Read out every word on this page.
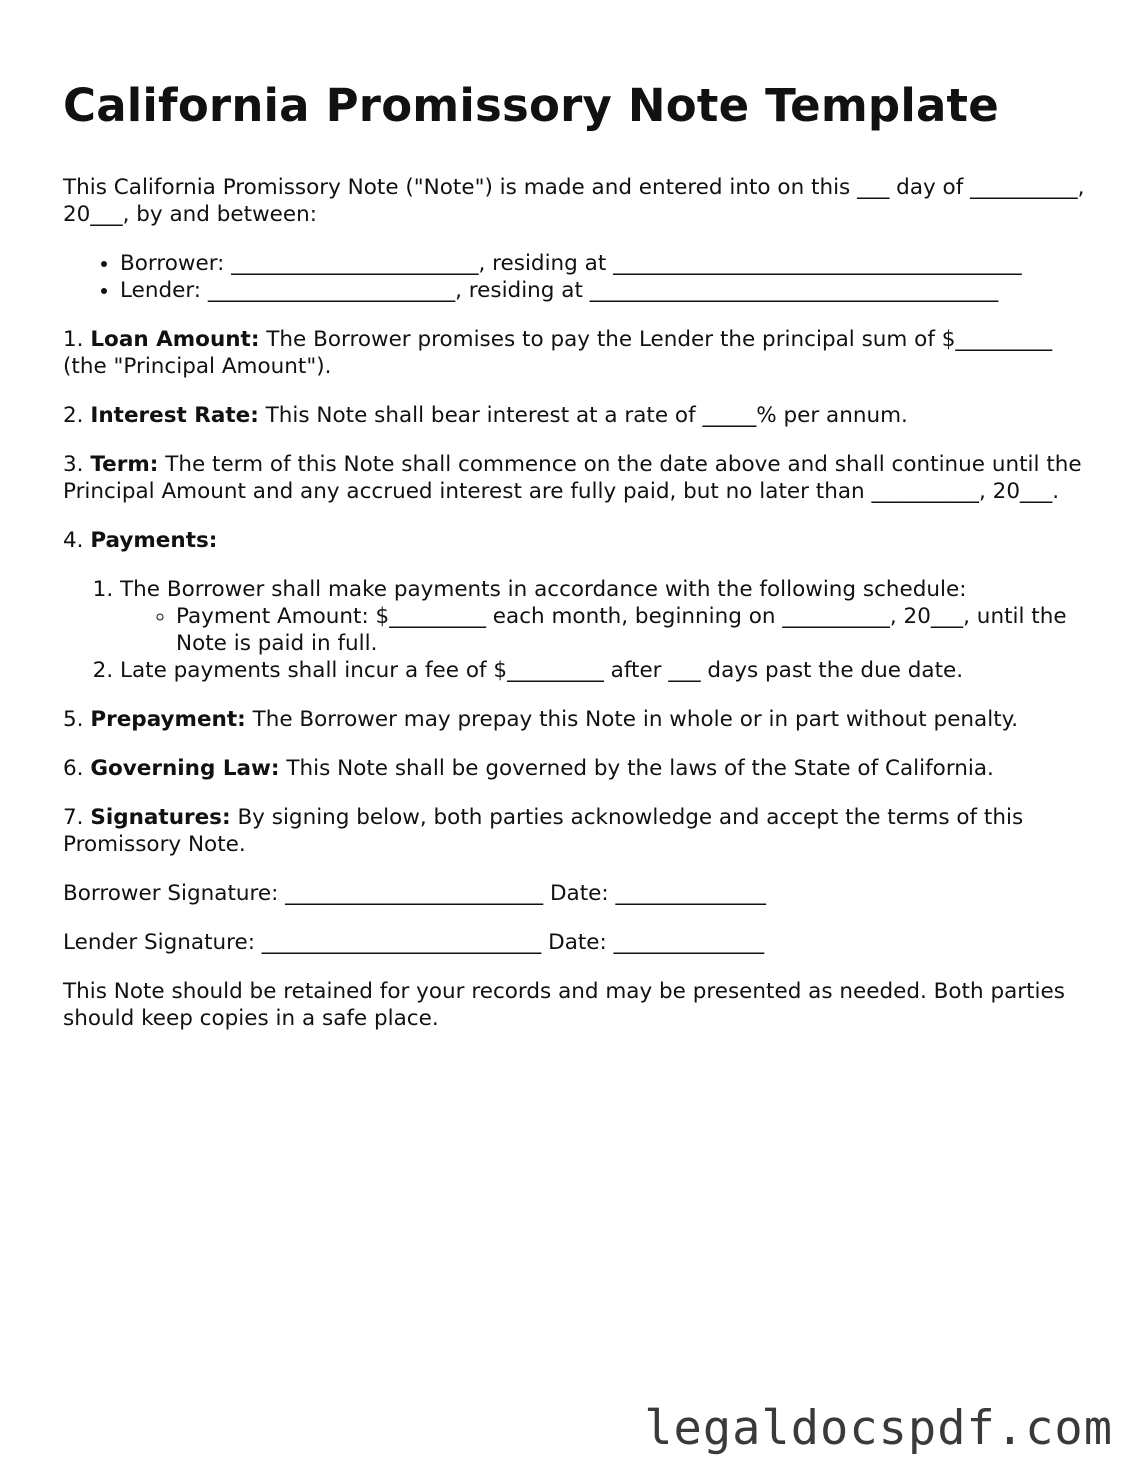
California Promissory Note Template

This California Promissory Note ("Note") is made and entered into on this ___ day of __________, 20___, by and between:

• Borrower: _______________________, residing at ______________________________________
• Lender: _______________________, residing at ______________________________________

1. Loan Amount: The Borrower promises to pay the Lender the principal sum of $_________ (the "Principal Amount").

2. Interest Rate: This Note shall bear interest at a rate of _____% per annum.

3. Term: The term of this Note shall commence on the date above and shall continue until the Principal Amount and any accrued interest are fully paid, but no later than __________, 20___.

4. Payments:

1. The Borrower shall make payments in accordance with the following schedule:
◦ Payment Amount: $_________ each month, beginning on __________, 20___, until the Note is paid in full.
2. Late payments shall incur a fee of $_________ after ___ days past the due date.

5. Prepayment: The Borrower may prepay this Note in whole or in part without penalty.

6. Governing Law: This Note shall be governed by the laws of the State of California.

7. Signatures: By signing below, both parties acknowledge and accept the terms of this Promissory Note.

Borrower Signature: ________________________ Date: ______________

Lender Signature: __________________________ Date: ______________

This Note should be retained for your records and may be presented as needed. Both parties should keep copies in a safe place.

legaldocspdf.com
